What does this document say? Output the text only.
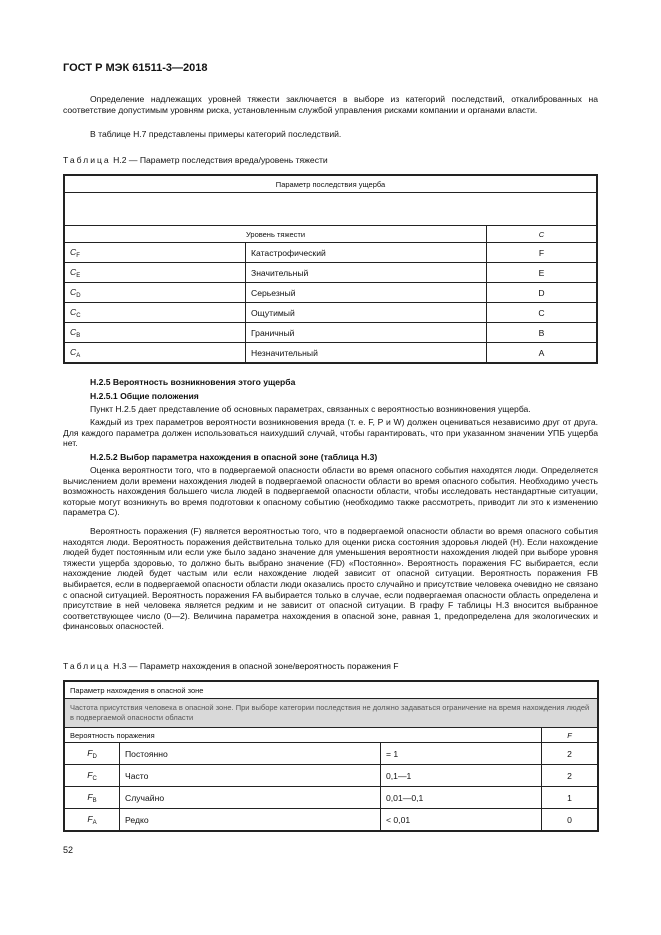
ГОСТ Р МЭК 61511-3—2018
Определение надлежащих уровней тяжести заключается в выборе из категорий последствий, откалиброванных на соответствие допустимым уровням риска, установленным службой управления рисками компании и органами власти.
В таблице Н.7 представлены примеры категорий последствий.
Таблица Н.2 — Параметр последствия вреда/уровень тяжести
Параметр последствия ущерба		

Уровень тяжести		C
$C_F$	Катастрофический	F
$C_E$	Значительный	E
$C_D$	Серьезный	D
$C_C$	Ощутимый	C
$C_B$	Граничный	B
$C_A$	Незначительный	A
Н.2.5 Вероятность возникновения этого ущерба
Н.2.5.1 Общие положения
Пункт Н.2.5 дает представление об основных параметрах, связанных с вероятностью возникновения ущерба.
Каждый из трех параметров вероятности возникновения вреда (т. е. F, P и W) должен оцениваться независимо друг от друга. Для каждого параметра должен использоваться наихудший случай, чтобы гарантировать, что при указанном значении УПБ ущерба нет.
Н.2.5.2 Выбор параметра нахождения в опасной зоне (таблица Н.3)
Оценка вероятности того, что в подвергаемой опасности области во время опасного события находятся люди. Определяется вычислением доли времени нахождения людей в подвергаемой опасности области во время опасного события. Необходимо учесть возможность нахождения большего числа людей в подвергаемой опасности области, чтобы исследовать нестандартные ситуации, которые могут возникнуть во время подготовки к опасному событию (необходимо также рассмотреть, приводит ли это к изменению параметра C).
Вероятность поражения (F) является вероятностью того, что в подвергаемой опасности области во время опасного события находятся люди. Вероятность поражения действительна только для оценки риска состояния здоровья людей (H). Если нахождение людей будет постоянным или если уже было задано значение для уменьшения вероятности нахождения людей при выборе уровня тяжести ущерба здоровью, то должно быть выбрано значение (FD) «Постоянно». Вероятность поражения FC выбирается, если нахождение людей будет частым или если нахождение людей зависит от опасной ситуации. Вероятность поражения FB выбирается, если в подвергаемой опасности области люди оказались просто случайно и присутствие человека очевидно не связано с опасной ситуацией. Вероятность поражения FA выбирается только в случае, если подвергаемая опасности область определена и присутствие в ней человека является редким и не зависит от опасной ситуации. В графу F таблицы Н.3 вносится выбранное соответствующее число (0—2). Величина параметра нахождения в опасной зоне, равная 1, предопределена для экологических и финансовых опасностей.
Таблица Н.3 — Параметр нахождения в опасной зоне/вероятность поражения F
Параметр нахождения в опасной зоне			
Частота присутствия человека в опасной зоне. При выборе категории последствия не должно задаваться ограничение на время нахождения людей в подвергаемой опасности области			
Вероятность поражения			F
$F_D$	Постоянно	= 1	2
$F_C$	Часто	0,1—1	2
$F_B$	Случайно	0,01—0,1	1
$F_A$	Редко	< 0,01	0
52
